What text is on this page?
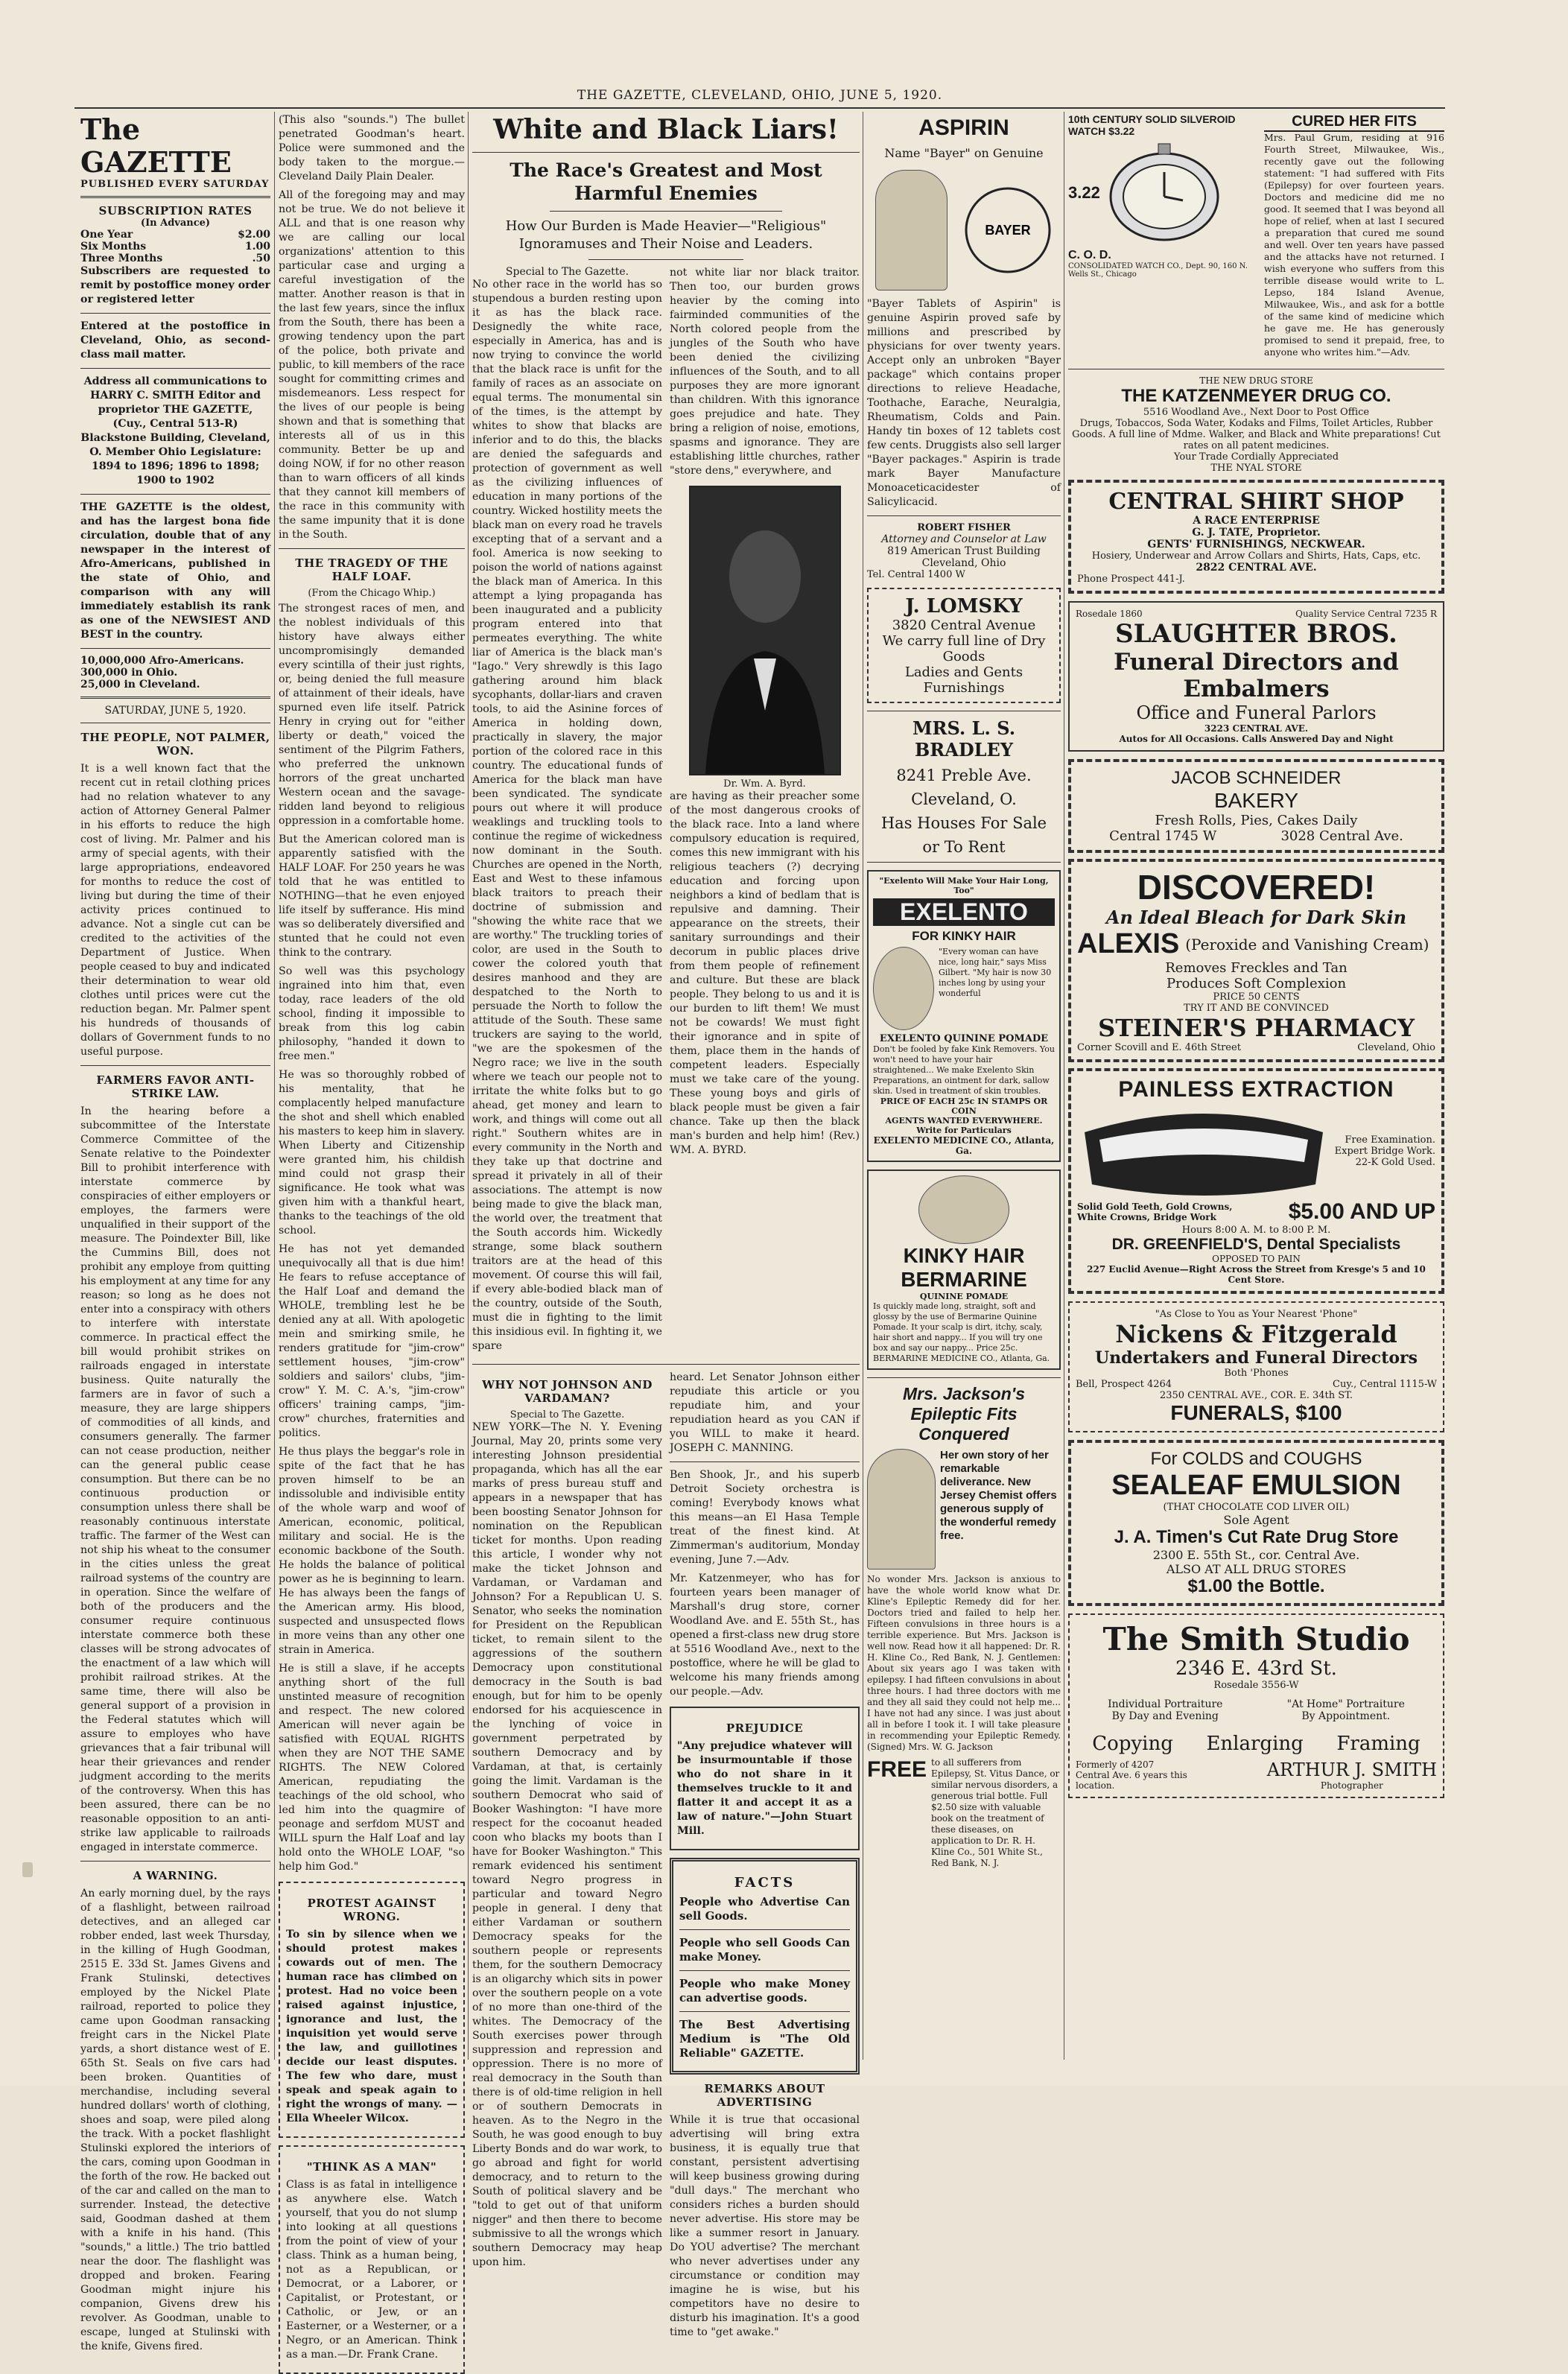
THE GAZETTE, CLEVELAND, OHIO, JUNE 5, 1920.
The GAZETTE
PUBLISHED EVERY SATURDAY
SUBSCRIPTION RATES
(In Advance)
One Year	$2.00
Six Months	1.00
Three Months	.50

Subscribers are requested to remit by postoffice money order or registered letter

Entered at the postoffice in Cleveland, Ohio, as second-class mail matter.

Address all communications to HARRY C. SMITH Editor and proprietor THE GAZETTE, (Cuy., Central 513-R) Blackstone Building, Cleveland, O. Member Ohio Legislature: 1894 to 1896; 1896 to 1898; 1900 to 1902

THE GAZETTE is the oldest, and has the largest bona fide circulation, double that of any newspaper in the interest of Afro-Americans, published in the state of Ohio, and comparison with any will immediately establish its rank as one of the NEWSIEST AND BEST in the country.

10,000,000 Afro-Americans.
300,000 in Ohio.
25,000 in Cleveland.
SATURDAY, JUNE 5, 1920.
THE PEOPLE, NOT PALMER, WON.

It is a well known fact that the recent cut in retail clothing prices had no relation whatever to any action of Attorney General Palmer in his efforts to reduce the high cost of living. Mr. Palmer and his army of special agents, with their large appropriations, endeavored for months to reduce the cost of living but during the time of their activity prices continued to advance. Not a single cut can be credited to the activities of the Department of Justice. When people ceased to buy and indicated their determination to wear old clothes until prices were cut the reduction began. Mr. Palmer spent his hundreds of thousands of dollars of Government funds to no useful purpose.

FARMERS FAVOR ANTI-STRIKE LAW.

In the hearing before a subcommittee of the Interstate Commerce Committee of the Senate relative to the Poindexter Bill to prohibit interference with interstate commerce by conspiracies of either employers or employes, the farmers were unqualified in their support of the measure. The Poindexter Bill, like the Cummins Bill, does not prohibit any employe from quitting his employment at any time for any reason; so long as he does not enter into a conspiracy with others to interfere with interstate commerce. In practical effect the bill would prohibit strikes on railroads engaged in interstate business. Quite naturally the farmers are in favor of such a measure, they are large shippers of commodities of all kinds, and consumers generally. The farmer can not cease production, neither can the general public cease consumption. But there can be no continuous production or consumption unless there shall be reasonably continuous interstate traffic. The farmer of the West can not ship his wheat to the consumer in the cities unless the great railroad systems of the country are in operation. Since the welfare of both of the producers and the consumer require continuous interstate commerce both these classes will be strong advocates of the enactment of a law which will prohibit railroad strikes. At the same time, there will also be general support of a provision in the Federal statutes which will assure to employes who have grievances that a fair tribunal will hear their grievances and render judgment according to the merits of the controversy. When this has been assured, there can be no reasonable opposition to an anti-strike law applicable to railroads engaged in interstate commerce.

A WARNING.

An early morning duel, by the rays of a flashlight, between railroad detectives, and an alleged car robber ended, last week Thursday, in the killing of Hugh Goodman, 2515 E. 33d St. James Givens and Frank Stulinski, detectives employed by the Nickel Plate railroad, reported to police they came upon Goodman ransacking freight cars in the Nickel Plate yards, a short distance west of E. 65th St. Seals on five cars had been broken. Quantities of merchandise, including several hundred dollars' worth of clothing, shoes and soap, were piled along the track. With a pocket flashlight Stulinski explored the interiors of the cars, coming upon Goodman in the forth of the row. He backed out of the car and called on the man to surrender. Instead, the detective said, Goodman dashed at them with a knife in his hand. (This "sounds," a little.) The trio battled near the door. The flashlight was dropped and broken. Fearing Goodman might injure his companion, Givens drew his revolver. As Goodman, unable to escape, lunged at Stulinski with the knife, Givens fired.

(This also "sounds.") The bullet penetrated Goodman's heart. Police were summoned and the body taken to the morgue.—Cleveland Daily Plain Dealer.

All of the foregoing may and may not be true. We do not believe it ALL and that is one reason why we are calling our local organizations' attention to this particular case and urging a careful investigation of the matter. Another reason is that in the last few years, since the influx from the South, there has been a growing tendency upon the part of the police, both private and public, to kill members of the race sought for committing crimes and misdemeanors. Less respect for the lives of our people is being shown and that is something that interests all of us in this community. Better be up and doing NOW, if for no other reason than to warn officers of all kinds that they cannot kill members of the race in this community with the same impunity that it is done in the South.

THE TRAGEDY OF THE HALF LOAF.
(From the Chicago Whip.)

The strongest races of men, and the noblest individuals of this history have always either uncompromisingly demanded every scintilla of their just rights, or, being denied the full measure of attainment of their ideals, have spurned even life itself. Patrick Henry in crying out for "either liberty or death," voiced the sentiment of the Pilgrim Fathers, who preferred the unknown horrors of the great uncharted Western ocean and the savage-ridden land beyond to religious oppression in a comfortable home.

But the American colored man is apparently satisfied with the HALF LOAF. For 250 years he was told that he was entitled to NOTHING—that he even enjoyed life itself by sufferance. His mind was so deliberately diversified and stunted that he could not even think to the contrary.

So well was this psychology ingrained into him that, even today, race leaders of the old school, finding it impossible to break from this log cabin philosophy, "handed it down to free men."

He was so thoroughly robbed of his mentality, that he complacently helped manufacture the shot and shell which enabled his masters to keep him in slavery. When Liberty and Citizenship were granted him, his childish mind could not grasp their significance. He took what was given him with a thankful heart, thanks to the teachings of the old school.

He has not yet demanded unequivocally all that is due him! He fears to refuse acceptance of the Half Loaf and demand the WHOLE, trembling lest he be denied any at all. With apologetic mein and smirking smile, he renders gratitude for "jim-crow" settlement houses, "jim-crow" soldiers and sailors' clubs, "jim-crow" Y. M. C. A.'s, "jim-crow" officers' training camps, "jim-crow" churches, fraternities and politics.

He thus plays the beggar's role in spite of the fact that he has proven himself to be an indissoluble and indivisible entity of the whole warp and woof of American, economic, political, military and social. He is the economic backbone of the South. He holds the balance of political power as he is beginning to learn. He has always been the fangs of the American army. His blood, suspected and unsuspected flows in more veins than any other one strain in America.

He is still a slave, if he accepts anything short of the full unstinted measure of recognition and respect. The new colored American will never again be satisfied with EQUAL RIGHTS when they are NOT THE SAME RIGHTS. The NEW Colored American, repudiating the teachings of the old school, who led him into the quagmire of peonage and serfdom MUST and WILL spurn the Half Loaf and lay hold onto the WHOLE LOAF, "so help him God."

PROTEST AGAINST WRONG.

To sin by silence when we should protest makes cowards out of men. The human race has climbed on protest. Had no voice been raised against injustice, ignorance and lust, the inquisition yet would serve the law, and guillotines decide our least disputes. The few who dare, must speak and speak again to right the wrongs of many. —Ella Wheeler Wilcox.

"THINK AS A MAN"

Class is as fatal in intelligence as anywhere else. Watch yourself, that you do not slump into looking at all questions from the point of view of your class. Think as a human being, not as a Republican, or Democrat, or a Laborer, or Capitalist, or Protestant, or Catholic, or Jew, or an Easterner, or a Westerner, or a Negro, or an American. Think as a man.—Dr. Frank Crane.

White and Black Liars!
The Race's Greatest and Most Harmful Enemies
How Our Burden is Made Heavier—"Religious" Ignoramuses and Their Noise and Leaders.
Special to The Gazette.

No other race in the world has so stupendous a burden resting upon it as has the black race. Designedly the white race, especially in America, has and is now trying to convince the world that the black race is unfit for the family of races as an associate on equal terms. The monumental sin of the times, is the attempt by whites to show that blacks are inferior and to do this, the blacks are denied the safeguards and protection of government as well as the civilizing influences of education in many portions of the country. Wicked hostility meets the black man on every road he travels excepting that of a servant and a fool. America is now seeking to poison the world of nations against the black man of America. In this attempt a lying propaganda has been inaugurated and a publicity program entered into that permeates everything. The white liar of America is the black man's "Iago." Very shrewdly is this Iago gathering around him black sycophants, dollar-liars and craven tools, to aid the Asinine forces of America in holding down, practically in slavery, the major portion of the colored race in this country. The educational funds of America for the black man have been syndicated. The syndicate pours out where it will produce weaklings and truckling tools to continue the regime of wickedness now dominant in the South. Churches are opened in the North, East and West to these infamous black traitors to preach their doctrine of submission and "showing the white race that we are worthy." The truckling tories of color, are used in the South to cower the colored youth that desires manhood and they are despatched to the North to persuade the North to follow the attitude of the South. These same truckers are saying to the world, "we are the spokesmen of the Negro race; we live in the south where we teach our people not to irritate the white folks but to go ahead, get money and learn to work, and things will come out all right." Southern whites are in every community in the North and they take up that doctrine and spread it privately in all of their associations. The attempt is now being made to give the black man, the world over, the treatment that the South accords him. Wickedly strange, some black southern traitors are at the head of this movement. Of course this will fail, if every able-bodied black man of the country, outside of the South, must die in fighting to the limit this insidious evil. In fighting it, we spare

not white liar nor black traitor. Then too, our burden grows heavier by the coming into fairminded communities of the North colored people from the jungles of the South who have been denied the civilizing influences of the South, and to all purposes they are more ignorant than children. With this ignorance goes prejudice and hate. They bring a religion of noise, emotions, spasms and ignorance. They are establishing little churches, rather "store dens," everywhere, and

Dr. Wm. A. Byrd.

are having as their preacher some of the most dangerous crooks of the black race. Into a land where compulsory education is required, comes this new immigrant with his religious teachers (?) decrying education and forcing upon neighbors a kind of bedlam that is repulsive and damning. Their appearance on the streets, their sanitary surroundings and their decorum in public places drive from them people of refinement and culture. But these are black people. They belong to us and it is our burden to lift them! We must not be cowards! We must fight their ignorance and in spite of them, place them in the hands of competent leaders. Especially must we take care of the young. These young boys and girls of black people must be given a fair chance. Take up then the black man's burden and help him! (Rev.) WM. A. BYRD.

WHY NOT JOHNSON AND VARDAMAN?
Special to The Gazette.

NEW YORK—The N. Y. Evening Journal, May 20, prints some very interesting Johnson presidential propaganda, which has all the ear marks of press bureau stuff and appears in a newspaper that has been boosting Senator Johnson for nomination on the Republican ticket for months. Upon reading this article, I wonder why not make the ticket Johnson and Vardaman, or Vardaman and Johnson? For a Republican U. S. Senator, who seeks the nomination for President on the Republican ticket, to remain silent to the aggressions of the southern Democracy upon constitutional democracy in the South is bad enough, but for him to be openly endorsed for his acquiescence in the lynching of voice in government perpetrated by southern Democracy and by Vardaman, at that, is certainly going the limit. Vardaman is the southern Democrat who said of Booker Washington: "I have more respect for the cocoanut headed coon who blacks my boots than I have for Booker Washington." This remark evidenced his sentiment toward Negro progress in particular and toward Negro people in general. I deny that either Vardaman or southern Democracy speaks for the southern people or represents them, for the southern Democracy is an oligarchy which sits in power over the southern people on a vote of no more than one-third of the whites. The Democracy of the South exercises power through suppression and repression and oppression. There is no more of real democracy in the South than there is of old-time religion in hell or of southern Democrats in heaven. As to the Negro in the South, he was good enough to buy Liberty Bonds and do war work, to go abroad and fight for world democracy, and to return to the South of political slavery and be "told to get out of that uniform nigger" and then there to become submissive to all the wrongs which southern Democracy may heap upon him.

heard. Let Senator Johnson either repudiate this article or you repudiate him, and your repudiation heard as you CAN if you WILL to make it heard. JOSEPH C. MANNING.

Ben Shook, Jr., and his superb Detroit Society orchestra is coming! Everybody knows what this means—an El Hasa Temple treat of the finest kind. At Zimmerman's auditorium, Monday evening, June 7.—Adv.

Mr. Katzenmeyer, who has for fourteen years been manager of Marshall's drug store, corner Woodland Ave. and E. 55th St., has opened a first-class new drug store at 5516 Woodland Ave., next to the postoffice, where he will be glad to welcome his many friends among our people.—Adv.

PREJUDICE

"Any prejudice whatever will be insurmountable if those who do not share in it themselves truckle to it and flatter it and accept it as a law of nature."—John Stuart Mill.

FACTS

People who Advertise Can sell Goods.

People who sell Goods Can make Money.

People who make Money can advertise goods.

The Best Advertising Medium is "The Old Reliable" GAZETTE.

REMARKS ABOUT ADVERTISING

While it is true that occasional advertising will bring extra business, it is equally true that constant, persistent advertising will keep business growing during "dull days." The merchant who considers riches a burden should never advertise. His store may be like a summer resort in January. Do YOU advertise? The merchant who never advertises under any circumstance or condition may imagine he is wise, but his competitors have no desire to disturb his imagination. It's a good time to "get awake."

ASPIRIN
Name "Bayer" on Genuine
BAYER

"Bayer Tablets of Aspirin" is genuine Aspirin proved safe by millions and prescribed by physicians for over twenty years. Accept only an unbroken "Bayer package" which contains proper directions to relieve Headache, Toothache, Earache, Neuralgia, Rheumatism, Colds and Pain. Handy tin boxes of 12 tablets cost few cents. Druggists also sell larger "Bayer packages." Aspirin is trade mark Bayer Manufacture Monoaceticacidester of Salicylicacid.

ROBERT FISHER
Attorney and Counselor at Law
819 American Trust Building
Cleveland, Ohio
Tel. Central 1400 W
J. LOMSKY
3820 Central Avenue
We carry full line of Dry Goods
Ladies and Gents Furnishings
MRS. L. S. BRADLEY
8241 Preble Ave.
Cleveland, O.
Has Houses For Sale
or To Rent
"Exelento Will Make Your Hair Long, Too"
EXELENTO
FOR KINKY HAIR
"Every woman can have nice, long hair," says Miss Gilbert. "My hair is now 30 inches long by using your wonderful
EXELENTO QUININE POMADE
Don't be fooled by fake Kink Removers. You won't need to have your hair straightened... We make Exelento Skin Preparations, an ointment for dark, sallow skin. Used in treatment of skin troubles.
PRICE OF EACH 25c IN STAMPS OR COIN
AGENTS WANTED EVERYWHERE. Write for Particulars
EXELENTO MEDICINE CO., Atlanta, Ga.
KINKY HAIR
BERMARINE
QUININE POMADE
Is quickly made long, straight, soft and glossy by the use of Bermarine Quinine Pomade. It your scalp is dirt, itchy, scaly, hair short and nappy... If you will try one box and say our nappy... Price 25c. BERMARINE MEDICINE CO., Atlanta, Ga.
Mrs. Jackson's Epileptic Fits Conquered
Her own story of her remarkable deliverance. New Jersey Chemist offers generous supply of the wonderful remedy free.

No wonder Mrs. Jackson is anxious to have the whole world know what Dr. Kline's Epileptic Remedy did for her. Doctors tried and failed to help her. Fifteen convulsions in three hours is a terrible experience. But Mrs. Jackson is well now. Read how it all happened: Dr. R. H. Kline Co., Red Bank, N. J. Gentlemen: About six years ago I was taken with epilepsy. I had fifteen convulsions in about three hours. I had three doctors with me and they all said they could not help me... I have not had any since. I was just about all in before I took it. I will take pleasure in recommending your Epileptic Remedy. (Signed) Mrs. W. G. Jackson

FREE to all sufferers from Epilepsy, St. Vitus Dance, or similar nervous disorders, a generous trial bottle. Full $2.50 size with valuable book on the treatment of these diseases, on application to Dr. R. H. Kline Co., 501 White St., Red Bank, N. J.
10th CENTURY SOLID SILVEROID WATCH $3.22
3.22
C. O. D.
CONSOLIDATED WATCH CO., Dept. 90, 160 N. Wells St., Chicago
CURED HER FITS

Mrs. Paul Grum, residing at 916 Fourth Street, Milwaukee, Wis., recently gave out the following statement: "I had suffered with Fits (Epilepsy) for over fourteen years. Doctors and medicine did me no good. It seemed that I was beyond all hope of relief, when at last I secured a preparation that cured me sound and well. Over ten years have passed and the attacks have not returned. I wish everyone who suffers from this terrible disease would write to L. Lepso, 184 Island Avenue, Milwaukee, Wis., and ask for a bottle of the same kind of medicine which he gave me. He has generously promised to send it prepaid, free, to anyone who writes him."—Adv.

THE NEW DRUG STORE
THE KATZENMEYER DRUG CO.
5516 Woodland Ave., Next Door to Post Office
Drugs, Tobaccos, Soda Water, Kodaks and Films, Toilet Articles, Rubber Goods. A full line of Mdme. Walker, and Black and White preparations! Cut rates on all patent medicines.
Your Trade Cordially Appreciated
THE NYAL STORE
CENTRAL SHIRT SHOP
A RACE ENTERPRISE
G. J. TATE, Proprietor.
GENTS' FURNISHINGS, NECKWEAR.
Hosiery, Underwear and Arrow Collars and Shirts, Hats, Caps, etc.
2822 CENTRAL AVE.
Phone Prospect 441-J.
Rosedale 1860	Quality Service Central 7235 R
SLAUGHTER BROS.
Funeral Directors and Embalmers
Office and Funeral Parlors
3223 CENTRAL AVE.
Autos for All Occasions. Calls Answered Day and Night
JACOB SCHNEIDER
BAKERY
Fresh Rolls, Pies, Cakes Daily
Central 1745 W	3028 Central Ave.
DISCOVERED!
An Ideal Bleach for Dark Skin
ALEXIS (Peroxide and Vanishing Cream)
Removes Freckles and Tan
Produces Soft Complexion
PRICE 50 CENTS
TRY IT AND BE CONVINCED
STEINER'S PHARMACY
Corner Scovill and E. 46th Street	Cleveland, Ohio
PAINLESS EXTRACTION
Free Examination.
Expert Bridge Work.
22-K Gold Used.
Solid Gold Teeth, Gold Crowns, White Crowns, Bridge Work	$5.00 AND UP
Hours 8:00 A. M. to 8:00 P. M.
DR. GREENFIELD'S, Dental Specialists
OPPOSED TO PAIN
227 Euclid Avenue—Right Across the Street from Kresge's 5 and 10 Cent Store.
"As Close to You as Your Nearest 'Phone"
Nickens & Fitzgerald
Undertakers and Funeral Directors
Both 'Phones
Bell, Prospect 4264	Cuy., Central 1115-W
2350 CENTRAL AVE., COR. E. 34th ST.
FUNERALS, $100
For COLDS and COUGHS
SEALEAF EMULSION
(THAT CHOCOLATE COD LIVER OIL)
Sole Agent
J. A. Timen's Cut Rate Drug Store
2300 E. 55th St., cor. Central Ave.
ALSO AT ALL DRUG STORES
$1.00 the Bottle.
The Smith Studio
2346 E. 43rd St.
Rosedale 3556-W
Individual Portraiture
By Day and Evening
"At Home" Portraiture
By Appointment.
Copying Enlarging Framing
Formerly of 4207 Central Ave. 6 years this location.
ARTHUR J. SMITH
Photographer
